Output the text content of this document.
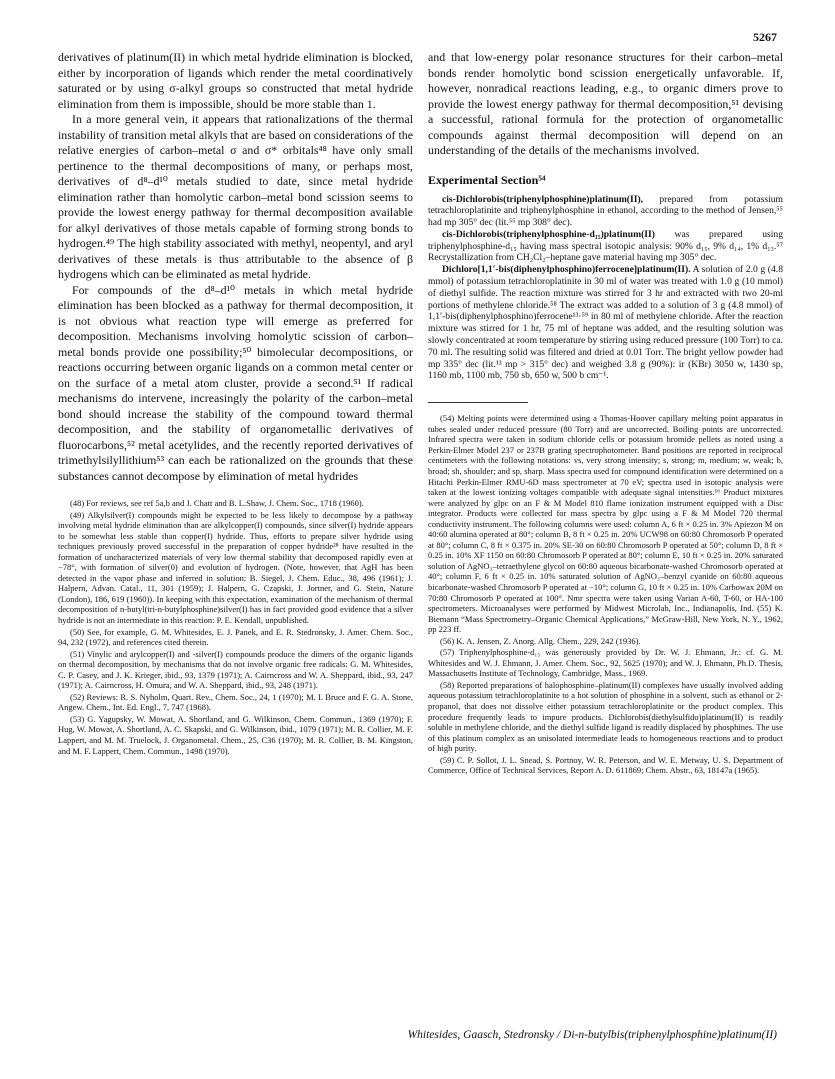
5267

derivatives of platinum(II) in which metal hydride elimination is blocked, either by incorporation of ligands which render the metal coordinatively saturated or by using σ-alkyl groups so constructed that metal hydride elimination from them is impossible, should be more stable than 1.

In a more general vein, it appears that rationalizations of the thermal instability of transition metal alkyls that are based on considerations of the relative energies of carbon–metal σ and σ* orbitals⁴⁸ have only small pertinence to the thermal decompositions of many, or perhaps most, derivatives of d⁸–d¹⁰ metals studied to date, since metal hydride elimination rather than homolytic carbon–metal bond scission seems to provide the lowest energy pathway for thermal decomposition available for alkyl derivatives of those metals capable of forming strong bonds to hydrogen.⁴⁹ The high stability associated with methyl, neopentyl, and aryl derivatives of these metals is thus attributable to the absence of β hydrogens which can be eliminated as metal hydride.

For compounds of the d⁸–d¹⁰ metals in which metal hydride elimination has been blocked as a pathway for thermal decomposition, it is not obvious what reaction type will emerge as preferred for decomposition. Mechanisms involving homolytic scission of carbon–metal bonds provide one possibility;⁵⁰ bimolecular decompositions, or reactions occurring between organic ligands on a common metal center or on the surface of a metal atom cluster, provide a second.⁵¹ If radical mechanisms do intervene, increasingly the polarity of the carbon–metal bond should increase the stability of the compound toward thermal decomposition, and the stability of organometallic derivatives of fluorocarbons,⁵² metal acetylides, and the recently reported derivatives of trimethylsilyllithium⁵³ can each be rationalized on the grounds that these substances cannot decompose by elimination of metal hydrides

(48) For reviews, see ref 5a,b and J. Chatt and B. L.Shaw, J. Chem. Soc., 1718 (1960).

(49) Alkylsilver(I) compounds might be expected to be less likely to decompose by a pathway involving metal hydride elimination than are alkylcopper(I) compounds, since silver(I) hydride appears to be somewhat less stable than copper(I) hydride. Thus, efforts to prepare silver hydride using techniques previously proved successful in the preparation of copper hydride²⁸ have resulted in the formation of uncharacterized materials of very low thermal stability that decomposed rapidly even at −78°, with formation of silver(0) and evolution of hydrogen. (Note, however, that AgH has been detected in the vapor phase and inferred in solution: B. Siegel, J. Chem. Educ., 38, 496 (1961); J. Halpern, Advan. Catal., 11, 301 (1959); J. Halpern, G. Czapski, J. Jortner, and G. Stein, Nature (London), 186, 619 (1960)). In keeping with this expectation, examination of the mechanism of thermal decomposition of n-butyl(tri-n-butylphosphine)silver(I) has in fact provided good evidence that a silver hydride is not an intermediate in this reaction: P. E. Kendall, unpublished.

(50) See, for example, G. M. Whitesides, E. J. Panek, and E. R. Stedronsky, J. Amer. Chem. Soc., 94, 232 (1972), and references cited therein.

(51) Vinylic and arylcopper(I) and -silver(I) compounds produce the dimers of the organic ligands on thermal decomposition, by mechanisms that do not involve organic free radicals: G. M. Whitesides, C. P. Casey, and J. K. Krieger, ibid., 93, 1379 (1971); A. Cairncross and W. A. Sheppard, ibid., 93, 247 (1971); A. Cairncross, H. Omura, and W. A. Sheppard, ibid., 93, 248 (1971).

(52) Reviews: R. S. Nyholm, Quart. Rev., Chem. Soc., 24, 1 (1970); M. I. Bruce and F. G. A. Stone, Angew. Chem., Int. Ed. Engl., 7, 747 (1968).

(53) G. Yagupsky, W. Mowat, A. Shortland, and G. Wilkinson, Chem. Commun., 1369 (1970); F. Hug, W. Mowat, A. Shortland, A. C. Skapski, and G. Wilkinson, ibid., 1079 (1971); M. R. Collier, M. F. Lappert, and M. M. Truelock, J. Organometal. Chem., 25, C36 (1970); M. R. Collier, B. M. Kingston, and M. F. Lappert, Chem. Commun., 1498 (1970).

and that low-energy polar resonance structures for their carbon–metal bonds render homolytic bond scission energetically unfavorable. If, however, nonradical reactions leading, e.g., to organic dimers prove to provide the lowest energy pathway for thermal decomposition,⁵¹ devising a successful, rational formula for the protection of organometallic compounds against thermal decomposition will depend on an understanding of the details of the mechanisms involved.

Experimental Section⁵⁴

cis-Dichlorobis(triphenylphosphine)platinum(II), prepared from potassium tetrachloroplatinite and triphenylphosphine in ethanol, according to the method of Jensen,⁵⁵ had mp 305° dec (lit.⁵⁵ mp 308° dec).

cis-Dichlorobis(triphenylphosphine-d₁₅)platinum(II) was prepared using triphenylphosphine-d₁₅ having mass spectral isotopic analysis: 90% d₁₅, 9% d₁₄, 1% d₁₃.⁵⁷ Recrystallization from CH₂Cl₂–heptane gave material having mp 305° dec.

Dichloro[1,1′-bis(diphenylphosphino)ferrocene]platinum(II). A solution of 2.0 g (4.8 mmol) of potassium tetrachloroplatinite in 30 ml of water was treated with 1.0 g (10 mmol) of diethyl sulfide. The reaction mixture was stirred for 3 hr and extracted with two 20-ml portions of methylene chloride.⁵⁸ The extract was added to a solution of 3 g (4.8 mmol) of 1,1′-bis(diphenylphosphino)ferrocene¹³·⁵⁹ in 80 ml of methylene chloride. After the reaction mixture was stirred for 1 hr, 75 ml of heptane was added, and the resulting solution was slowly concentrated at room temperature by stirring using reduced pressure (100 Torr) to ca. 70 ml. The resulting solid was filtered and dried at 0.01 Torr. The bright yellow powder had mp 335° dec (lit.¹³ mp > 315° dec) and weighed 3.8 g (90%): ir (KBr) 3050 w, 1430 sp, 1160 mb, 1100 mb, 750 sb, 650 w, 500 b cm⁻¹.

(54) Melting points were determined using a Thomas-Hoover capillary melting point apparatus in tubes sealed under reduced pressure (80 Torr) and are uncorrected. Boiling points are uncorrected. Infrared spectra were taken in sodium chloride cells or potassium bromide pellets as noted using a Perkin-Elmer Model 237 or 237B grating spectrophotometer. Band positions are reported in reciprocal centimeters with the following notations: vs, very strong intensity; s, strong; m, medium; w, weak; b, broad; sh, shoulder; and sp, sharp. Mass spectra used for compound identification were determined on a Hitachi Perkin-Elmer RMU-6D mass spectrometer at 70 eV; spectra used in isotopic analysis were taken at the lowest ionizing voltages compatible with adequate signal intensities.¹⁶ Product mixtures were analyzed by glpc on an F & M Model 810 flame ionization instrument equipped with a Disc integrator. Products were collected for mass spectra by glpc using a F & M Model 720 thermal conductivity instrument. The following columns were used: column A, 6 ft × 0.25 in. 3% Apiezon M on 40:60 alumina operated at 80°; column B, 8 ft × 0.25 in. 20% UCW98 on 60:80 Chromosorb P operated at 80°; column C, 8 ft × 0.375 in. 20% SE-30 on 60:80 Chromosorb P operated at 50°; column D, 8 ft × 0.25 in. 10% XF 1150 on 60:80 Chromosorb P operated at 80°; column E, 10 ft × 0.25 in. 20% saturated solution of AgNO₃–tetraethylene glycol on 60:80 aqueous bicarbonate-washed Chromosorb operated at 40°; column F, 6 ft × 0.25 in. 10% saturated solution of AgNO₃–benzyl cyanide on 60:80 aqueous bicarbonate-washed Chromosorb P operated at −10°; column G, 10 ft × 0.25 in. 10% Carbowax 20M on 70:80 Chromosorb P operated at 100°. Nmr spectra were taken using Varian A-60, T-60, or HA-100 spectrometers. Microanalyses were performed by Midwest Microlab, Inc., Indianapolis, Ind. (55) K. Biemann “Mass Spectrometry–Organic Chemical Applications,” McGraw-Hill, New York, N. Y., 1962, pp 223 ff.

(56) K. A. Jensen, Z. Anorg. Allg. Chem., 229, 242 (1936).

(57) Triphenylphosphine-d₁₅ was generously provided by Dr. W. J. Ehmann, Jr.: cf. G. M. Whitesides and W. J. Ehmann, J. Amer. Chem. Soc., 92, 5625 (1970); and W. J. Ehmann, Ph.D. Thesis, Massachusetts Institute of Technology, Cambridge, Mass., 1969.

(58) Reported preparations of halophosphine–platinum(II) complexes have usually involved adding aqueous potassium tetrachloroplatinite to a hot solution of phosphine in a solvent, such as ethanol or 2-propanol, that does not dissolve either potassium tetrachloroplatinite or the product complex. This procedure frequently leads to impure products. Dichlorobis(diethylsulfido)platinum(II) is readily soluble in methylene chloride, and the diethyl sulfide ligand is readily displaced by phosphines. The use of this platinum complex as an unisolated intermediate leads to homogeneous reactions and to product of high purity.

(59) C. P. Sollot, J. L. Snead, S. Portnoy, W. R. Peterson, and W. E. Metway, U. S. Department of Commerce, Office of Technical Services, Report A. D. 611869; Chem. Abstr., 63, 18147a (1965).

Whitesides, Gaasch, Stedronsky / Di-n-butylbis(triphenylphosphine)platinum(II)
